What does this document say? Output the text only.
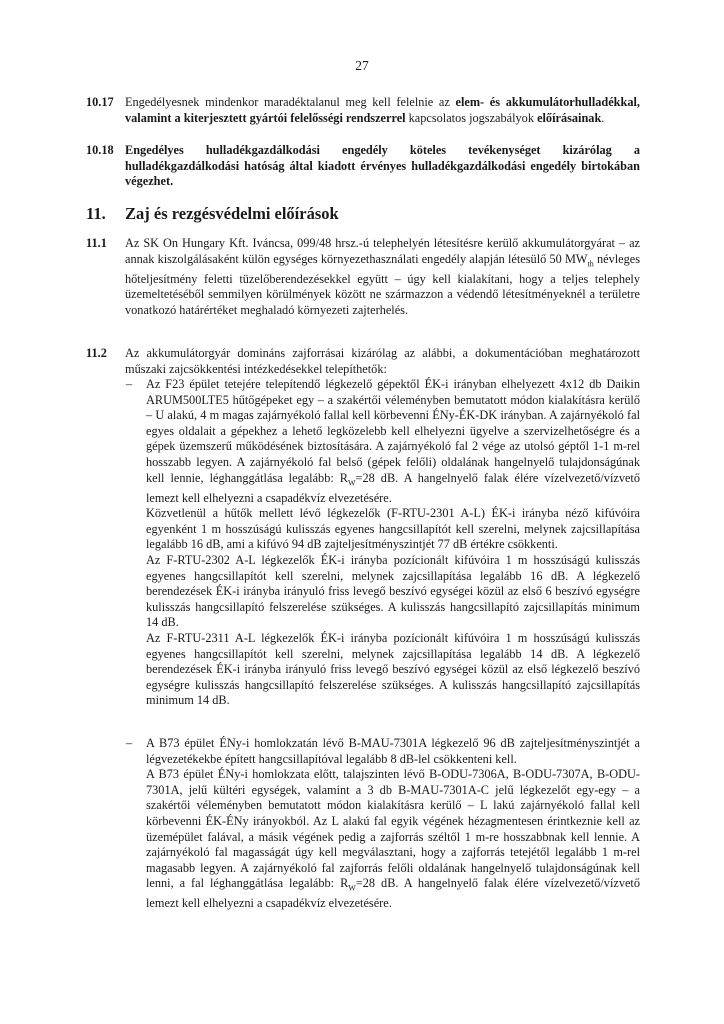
27
10.17 Engedélyesnek mindenkor maradéktalanul meg kell felelnie az elem- és akkumulátorhulladékkal, valamint a kiterjesztett gyártói felelősségi rendszerrel kapcsolatos jogszabályok előírásainak.
10.18 Engedélyes hulladékgazdálkodási engedély köteles tevékenységet kizárólag a hulladékgazdálkodási hatóság által kiadott érvényes hulladékgazdálkodási engedély birtokában végezhet.
11. Zaj és rezgésvédelmi előírások
11.1 Az SK On Hungary Kft. Iváncsa, 099/48 hrsz.-ú telephelyén létesítésre kerülő akkumulátorgyárat – az annak kiszolgálásaként külön egységes környezethasználati engedély alapján létesülő 50 $MW_{th}$ névleges hőteljesítmény feletti tüzelőberendezésekkel együtt – úgy kell kialakítani, hogy a teljes telephely üzemeltetéséből semmilyen körülmények között ne származzon a védendő létesítményeknél a területre vonatkozó határértéket meghaladó környezeti zajterhelés.
11.2 Az akkumulátorgyár domináns zajforrásai kizárólag az alábbi, a dokumentációban meghatározott műszaki zajcsökkentési intézkedésekkel telepíthetők:
– Az F23 épület tetejére telepítendő légkezelő gépektől ÉK-i irányban elhelyezett 4x12 db Daikin ARUM500LTE5 hűtőgépeket egy – a szakértői véleményben bemutatott módon kialakításra kerülő – U alakú, 4 m magas zajárnyékoló fallal kell körbevenni ÉNy-ÉK-DK irányban. A zajárnyékoló fal egyes oldalait a gépekhez a lehető legközelebb kell elhelyezni ügyelve a szervizelhetőségre és a gépek üzemszerű működésének biztosítására. A zajárnyékoló fal 2 vége az utolsó géptől 1-1 m-rel hosszabb legyen. A zajárnyékoló fal belső (gépek felőli) oldalának hangelnyelő tulajdonságúnak kell lennie, léghanggátlása legalább: $R_W=28$ dB. A hangelnyelő falak élére vízelvezető/vízvető lemezt kell elhelyezni a csapadékvíz elvezetésére.

Közvetlenül a hűtők mellett lévő légkezelők (F-RTU-2301 A-L) ÉK-i irányba néző kifúvóira egyenként 1 m hosszúságú kulisszás egyenes hangcsillapítót kell szerelni, melynek zajcsillapítása legalább 16 dB, ami a kifúvó 94 dB zajteljesítményszintjét 77 dB értékre csökkenti.

Az F-RTU-2302 A-L légkezelők ÉK-i irányba pozícionált kifúvóira 1 m hosszúságú kulisszás egyenes hangcsillapítót kell szerelni, melynek zajcsillapítása legalább 16 dB. A légkezelő berendezések ÉK-i irányba irányuló friss levegő beszívó egységei közül az első 6 beszívó egységre kulisszás hangcsillapító felszerelése szükséges. A kulisszás hangcsillapító zajcsillapítás minimum 14 dB.

Az F-RTU-2311 A-L légkezelők ÉK-i irányba pozícionált kifúvóira 1 m hosszúságú kulisszás egyenes hangcsillapítót kell szerelni, melynek zajcsillapítása legalább 14 dB. A légkezelő berendezések ÉK-i irányba irányuló friss levegő beszívó egységei közül az első légkezelő beszívó egységre kulisszás hangcsillapító felszerelése szükséges. A kulisszás hangcsillapító zajcsillapítás minimum 14 dB.

– A B73 épület ÉNy-i homlokzatán lévő B-MAU-7301A légkezelő 96 dB zajteljesítményszintjét a légvezetékekbe épített hangcsillapítóval legalább 8 dB-lel csökkenteni kell.

A B73 épület ÉNy-i homlokzata előtt, talajszinten lévő B-ODU-7306A, B-ODU-7307A, B-ODU-7301A, jelű kültéri egységek, valamint a 3 db B-MAU-7301A-C jelű légkezelőt egy-egy – a szakértői véleményben bemutatott módon kialakításra kerülő – L lakú zajárnyékoló fallal kell körbevenni ÉK-ÉNy irányokból. Az L alakú fal egyik végének hézagmentesen érintkeznie kell az üzemépület falával, a másik végének pedig a zajforrás széltől 1 m-re hosszabbnak kell lennie. A zajárnyékoló fal magasságát úgy kell megválasztani, hogy a zajforrás tetejétől legalább 1 m-rel magasabb legyen. A zajárnyékoló fal zajforrás felőli oldalának hangelnyelő tulajdonságúnak kell lenni, a fal léghanggátlása legalább: $R_W=28$ dB. A hangelnyelő falak élére vízelvezető/vízvető lemezt kell elhelyezni a csapadékvíz elvezetésére.
